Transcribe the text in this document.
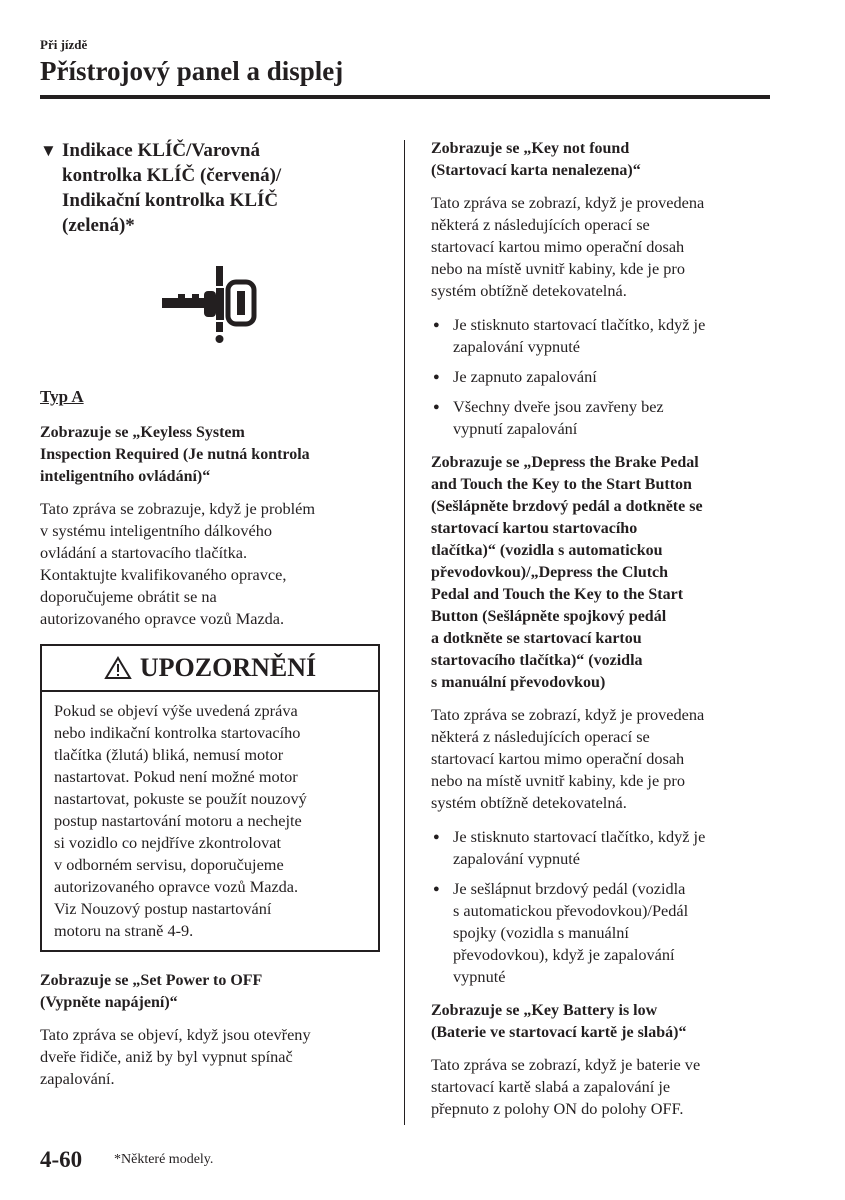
Při jízdě
Přístrojový panel a displej
▼ Indikace KLÍČ/Varovná
kontrolka KLÍČ (červená)/
Indikační kontrolka KLÍČ
(zelená)*
Typ A
Zobrazuje se „Keyless System
Inspection Required (Je nutná kontrola
inteligentního ovládání)“
Tato zpráva se zobrazuje, když je problém
v systému inteligentního dálkového
ovládání a startovacího tlačítka.
Kontaktujte kvalifikovaného opravce,
doporučujeme obrátit se na
autorizovaného opravce vozů Mazda.
UPOZORNĚNÍ
Pokud se objeví výše uvedená zpráva
nebo indikační kontrolka startovacího
tlačítka (žlutá) bliká, nemusí motor
nastartovat. Pokud není možné motor
nastartovat, pokuste se použít nouzový
postup nastartování motoru a nechejte
si vozidlo co nejdříve zkontrolovat
v odborném servisu, doporučujeme
autorizovaného opravce vozů Mazda.
Viz Nouzový postup nastartování
motoru na straně 4-9.
Zobrazuje se „Set Power to OFF
(Vypněte napájení)“
Tato zpráva se objeví, když jsou otevřeny
dveře řidiče, aniž by byl vypnut spínač
zapalování.
Zobrazuje se „Key not found
(Startovací karta nenalezena)“
Tato zpráva se zobrazí, když je provedena
některá z následujících operací se
startovací kartou mimo operační dosah
nebo na místě uvnitř kabiny, kde je pro
systém obtížně detekovatelná.
● Je stisknuto startovací tlačítko, když je
zapalování vypnuté
● Je zapnuto zapalování
● Všechny dveře jsou zavřeny bez
vypnutí zapalování
Zobrazuje se „Depress the Brake Pedal
and Touch the Key to the Start Button
(Sešlápněte brzdový pedál a dotkněte se
startovací kartou startovacího
tlačítka)“ (vozidla s automatickou
převodovkou)/„Depress the Clutch
Pedal and Touch the Key to the Start
Button (Sešlápněte spojkový pedál
a dotkněte se startovací kartou
startovacího tlačítka)“ (vozidla
s manuální převodovkou)
Tato zpráva se zobrazí, když je provedena
některá z následujících operací se
startovací kartou mimo operační dosah
nebo na místě uvnitř kabiny, kde je pro
systém obtížně detekovatelná.
● Je stisknuto startovací tlačítko, když je
zapalování vypnuté
● Je sešlápnut brzdový pedál (vozidla
s automatickou převodovkou)/Pedál
spojky (vozidla s manuální
převodovkou), když je zapalování
vypnuté
Zobrazuje se „Key Battery is low
(Baterie ve startovací kartě je slabá)“
Tato zpráva se zobrazí, když je baterie ve
startovací kartě slabá a zapalování je
přepnuto z polohy ON do polohy OFF.
4-60 *Některé modely.
